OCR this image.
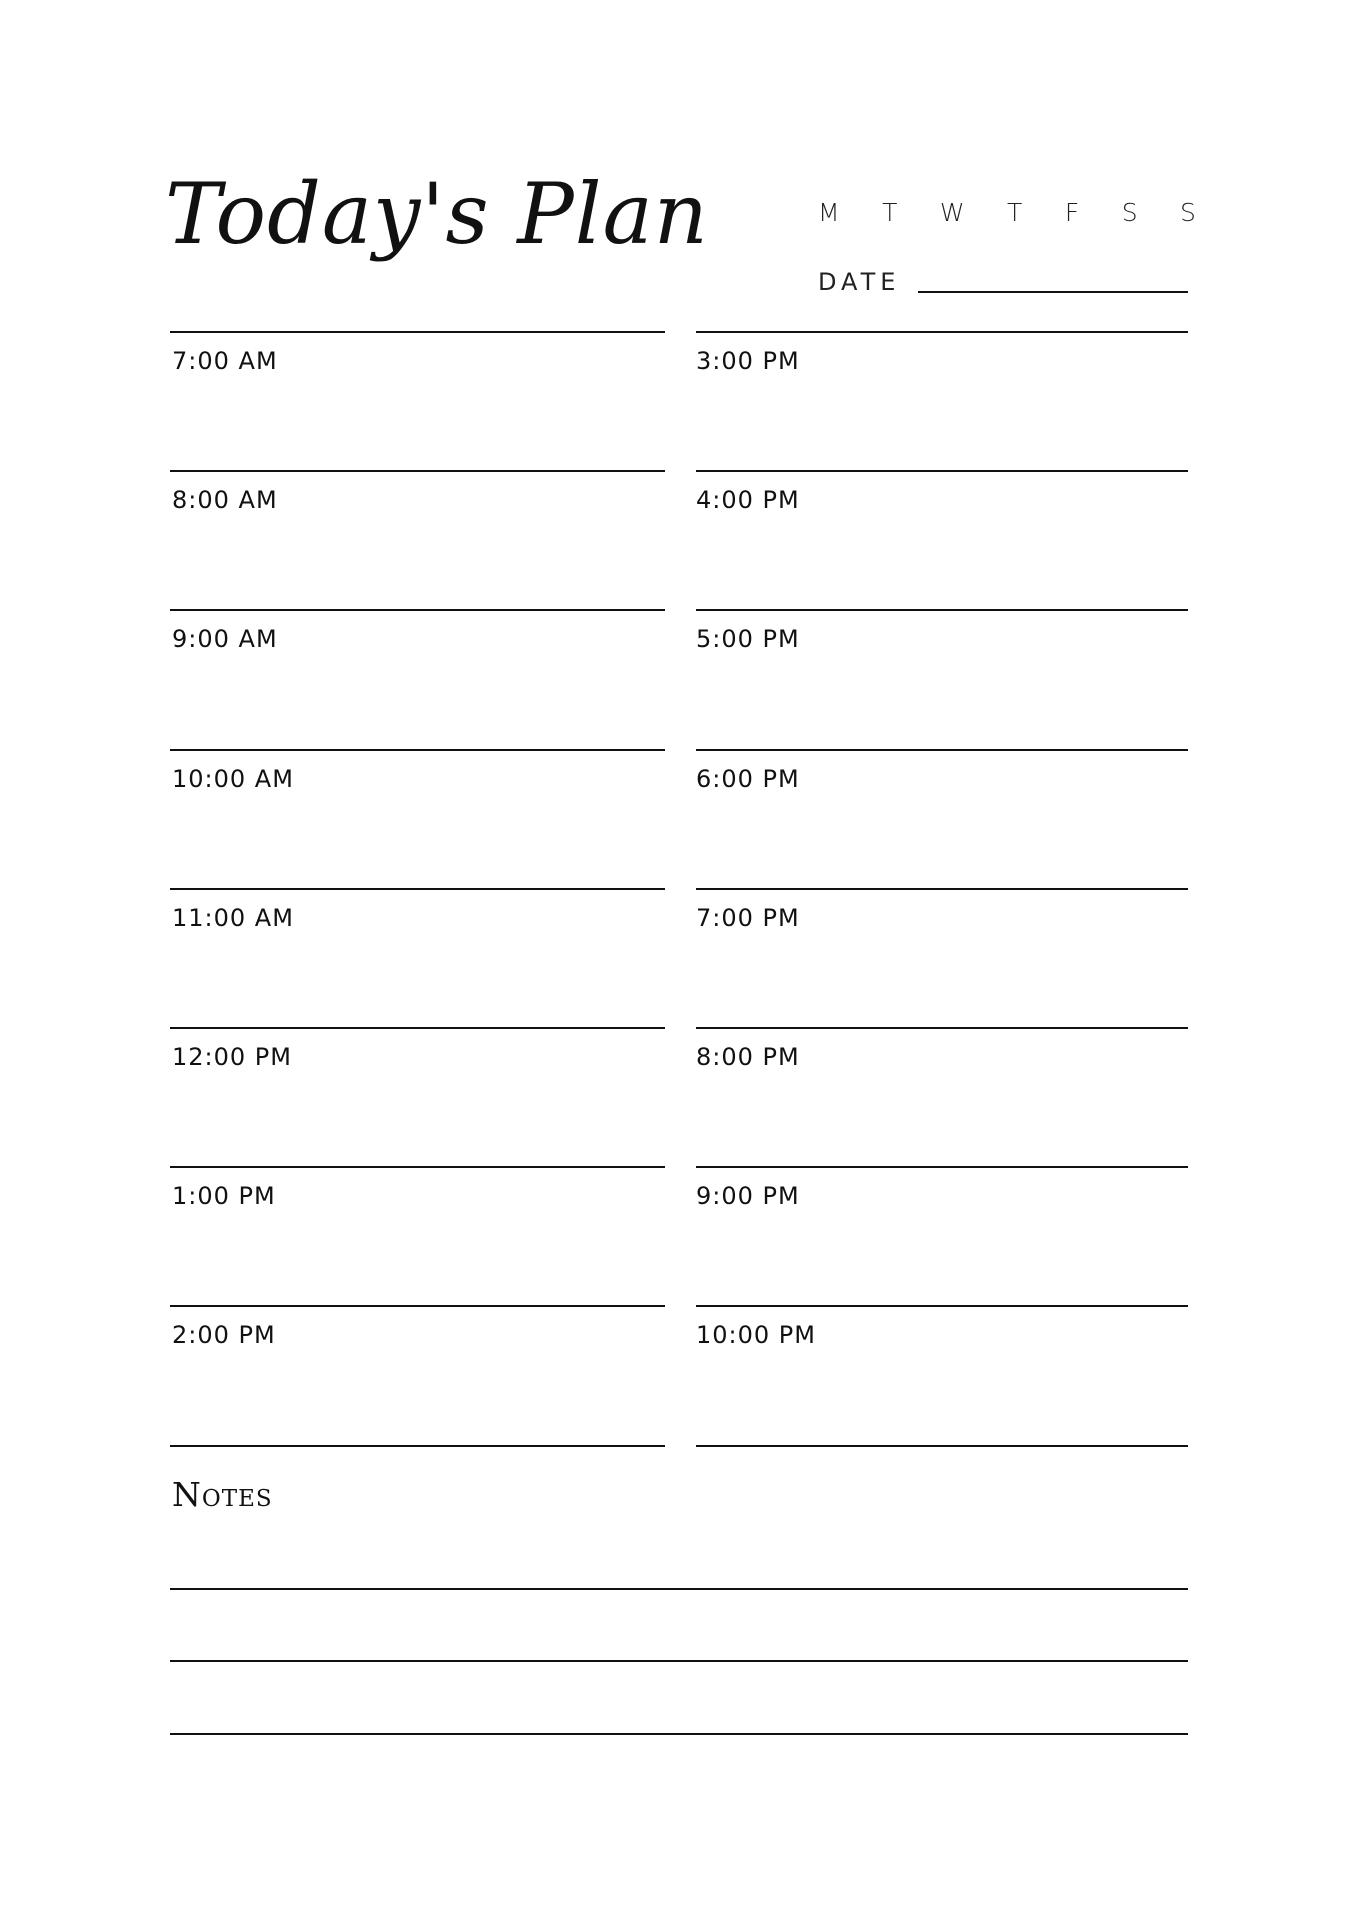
Today's Plan	M T W T F S S
DATE
7:00 AM
8:00 AM
9:00 AM
10:00 AM
11:00 AM
12:00 PM
1:00 PM
2:00 PM
3:00 PM
4:00 PM
5:00 PM
6:00 PM
7:00 PM
8:00 PM
9:00 PM
10:00 PM
Notes
